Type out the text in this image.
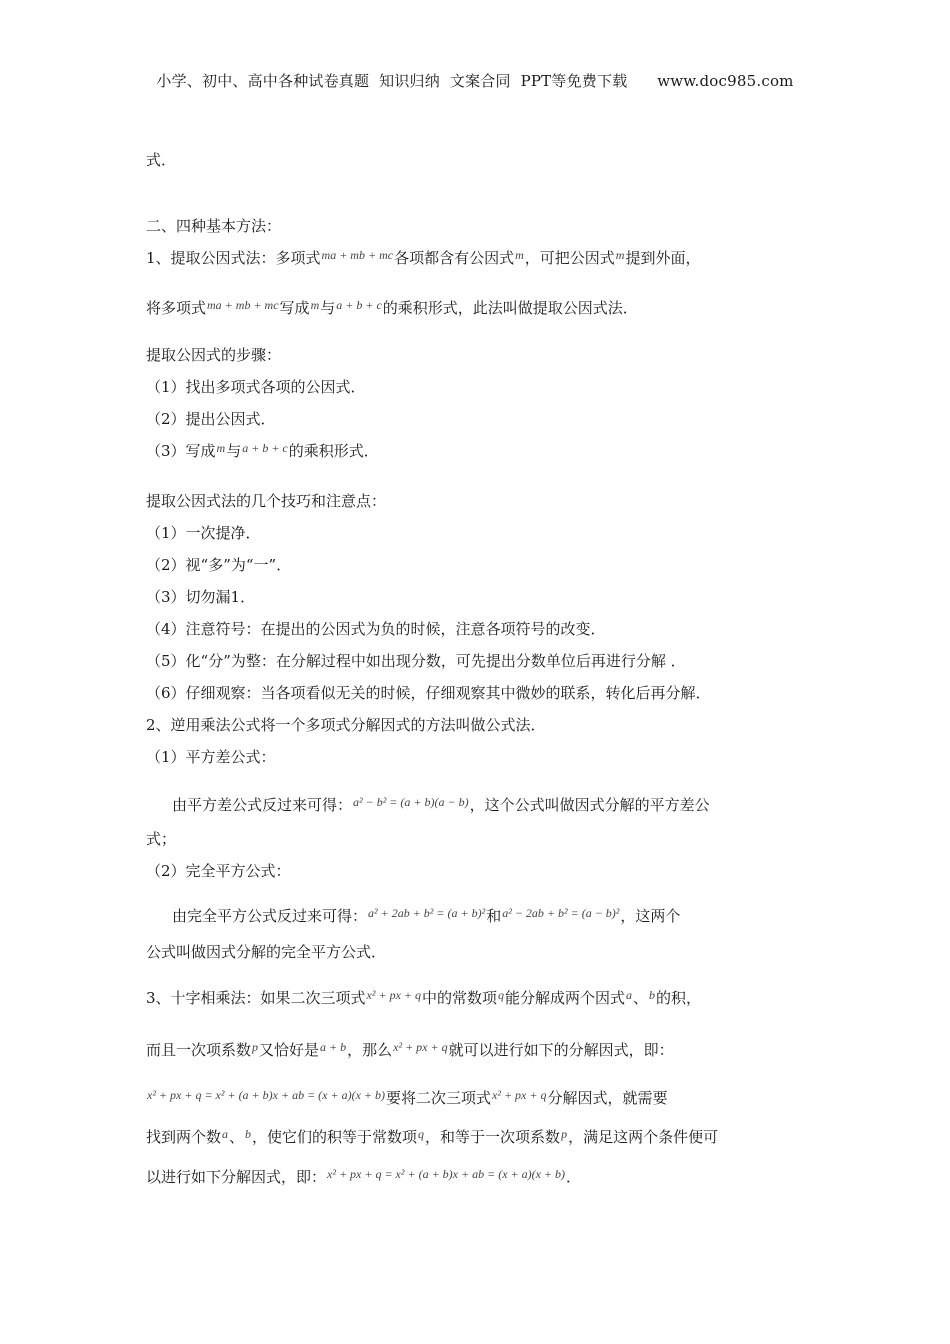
小学、初中、高中各种试卷真题  知识归纳  文案合同  PPT等免费下载      www.doc985.com
式．
二、四种基本方法：
1、提取公因式法：多项式$^{ma + mb + mc}$各项都含有公因式$^m$，可把公因式$^m$提到外面，
将多项式$^{ma + mb + mc}$写成$^m$与$^{a + b + c}$的乘积形式，此法叫做提取公因式法．
提取公因式的步骤：
（1）找出多项式各项的公因式．
（2）提出公因式．
（3）写成$^m$与$^{a + b + c}$的乘积形式．
提取公因式法的几个技巧和注意点：
（1）一次提净．
（2）视“多”为“一”．
（3）切勿漏1．
（4）注意符号：在提出的公因式为负的时候，注意各项符号的改变．
（5）化“分”为整：在分解过程中如出现分数，可先提出分数单位后再进行分解 ．
（6）仔细观察：当各项看似无关的时候，仔细观察其中微妙的联系，转化后再分解．
2、逆用乘法公式将一个多项式分解因式的方法叫做公式法．
（1）平方差公式：
由平方差公式反过来可得：$^{a^2 - b^2 = (a + b)(a - b)}$，这个公式叫做因式分解的平方差公
式；
（2）完全平方公式：
由完全平方公式反过来可得：$^{a^2 + 2ab + b^2 = (a + b)^2}$和$^{a^2 - 2ab + b^2 = (a - b)^2}$，这两个
公式叫做因式分解的完全平方公式．
3、十字相乘法：如果二次三项式$^{x^2 + px + q}$中的常数项$^q$能分解成两个因式$^a$、$^b$的积，
而且一次项系数$^p$又恰好是$^{a + b}$，那么$^{x^2 + px + q}$就可以进行如下的分解因式，即：
$^{x^2 + px + q = x^2 + (a + b)x + ab = (x + a)(x + b)}$要将二次三项式$^{x^2 + px + q}$分解因式，就需要
找到两个数$^a$、$^b$，使它们的积等于常数项$^q$，和等于一次项系数$^p$，满足这两个条件便可
以进行如下分解因式，即：$^{x^2 + px + q = x^2 + (a + b)x + ab = (x + a)(x + b)}$．
